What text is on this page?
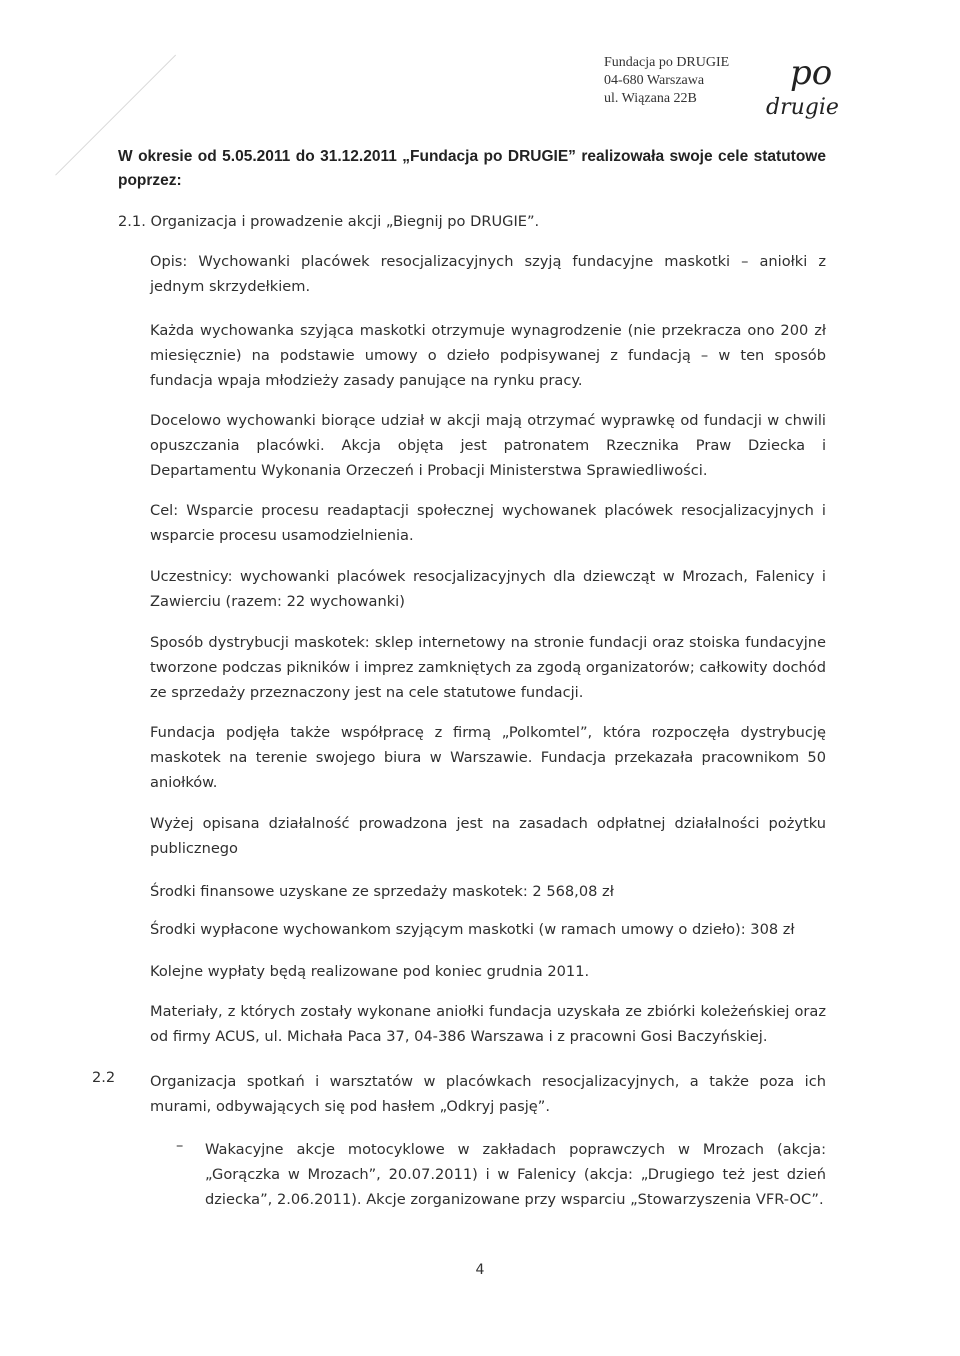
Fundacja po DRUGIE
04-680 Warszawa
ul. Wiązana 22B
po
drugie
W okresie od 5.05.2011 do 31.12.2011 „Fundacja po DRUGIE” realizowała swoje cele statutowe poprzez:
2.1. Organizacja i prowadzenie akcji „Biegnij po DRUGIE”.
Opis: Wychowanki placówek resocjalizacyjnych szyją fundacyjne maskotki – aniołki z jednym skrzydełkiem.
Każda wychowanka szyjąca maskotki otrzymuje wynagrodzenie (nie przekracza ono 200 zł miesięcznie) na podstawie umowy o dzieło podpisywanej z fundacją – w ten sposób fundacja wpaja młodzieży zasady panujące na rynku pracy.
Docelowo wychowanki biorące udział w akcji mają otrzymać wyprawkę od fundacji w chwili opuszczania placówki. Akcja objęta jest patronatem Rzecznika Praw Dziecka i Departamentu Wykonania Orzeczeń i Probacji Ministerstwa Sprawiedliwości.
Cel: Wsparcie procesu readaptacji społecznej wychowanek placówek resocjalizacyjnych i wsparcie procesu usamodzielnienia.
Uczestnicy: wychowanki placówek resocjalizacyjnych dla dziewcząt w Mrozach, Falenicy i Zawierciu (razem: 22 wychowanki)
Sposób dystrybucji maskotek: sklep internetowy na stronie fundacji oraz stoiska fundacyjne tworzone podczas pikników i imprez zamkniętych za zgodą organizatorów; całkowity dochód ze sprzedaży przeznaczony jest na cele statutowe fundacji.
Fundacja podjęła także współpracę z firmą „Polkomtel”, która rozpoczęła dystrybucję maskotek na terenie swojego biura w Warszawie. Fundacja przekazała pracownikom 50 aniołków.
Wyżej opisana działalność prowadzona jest na zasadach odpłatnej działalności pożytku publicznego
Środki finansowe uzyskane ze sprzedaży maskotek: 2 568,08 zł
Środki wypłacone wychowankom szyjącym maskotki (w ramach umowy o dzieło): 308 zł
Kolejne wypłaty będą realizowane pod koniec grudnia 2011.
Materiały, z których zostały wykonane aniołki fundacja uzyskała ze zbiórki koleżeńskiej oraz od firmy ACUS, ul. Michała Paca 37, 04-386 Warszawa i z pracowni Gosi Baczyńskiej.
2.2 Organizacja spotkań i warsztatów w placówkach resocjalizacyjnych, a także poza ich murami, odbywających się pod hasłem „Odkryj pasję”.
– Wakacyjne akcje motocyklowe w zakładach poprawczych w Mrozach (akcja: „Gorączka w Mrozach”, 20.07.2011) i w Falenicy (akcja: „Drugiego też jest dzień dziecka”, 2.06.2011). Akcje zorganizowane przy wsparciu „Stowarzyszenia VFR-OC”.
4
